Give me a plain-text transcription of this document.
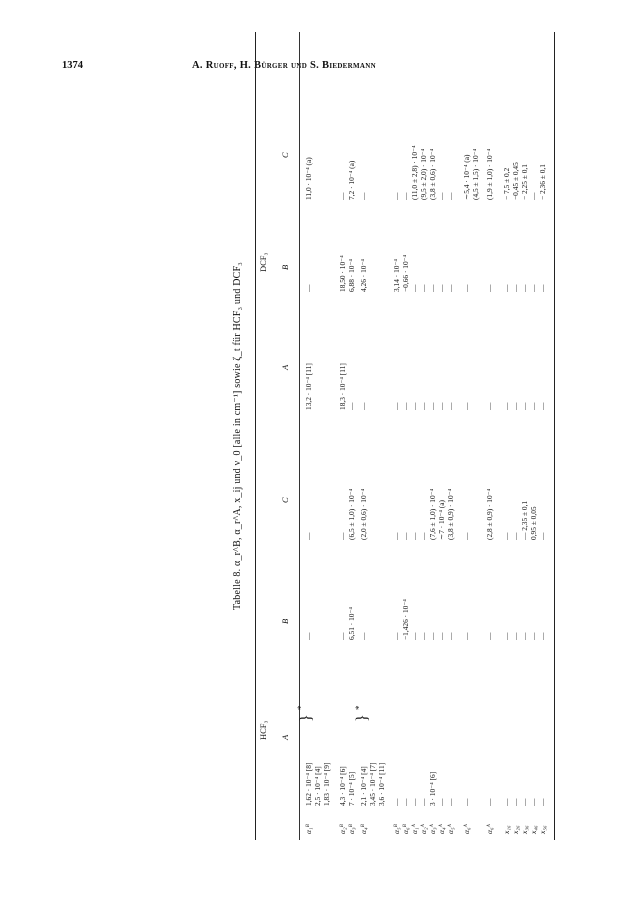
1374	A. Ruoff, H. Bürger und S. Biedermann
Tabelle 8. α_r^B, α_r^A, x_ij und ν_0 [alle in cm⁻¹] sowie ζ_t für HCF₃ und DCF₃
HCF₃
DCF₃
A
B
C
A
B
C
α₁ᴮ
1,62 · 10⁻⁴ [8]
—
—
13,2 · 10⁻⁴ [11]
—
11,0 · 10⁻⁴ (a)
2,5 · 10⁻⁴ [4] 1,83 · 10⁻⁴ [9]
α₂ᴮ
4,3 · 10⁻⁴ [6]
—
—
18,3 · 10⁻⁴ [11]
18,50 · 10⁻⁴
—
α₃ᴮ
7 · 10⁻⁴ [5]
6,51 · 10⁻⁴
(6,5 ± 1,0) · 10⁻⁴
—
6,88 · 10⁻⁴
7,2 · 10⁻⁴ (a)
α₄ᴮ
2,1 · 10⁻⁴ [4]
—
(2,0 ± 0,6) · 10⁻⁴
—
4,26 · 10⁻⁴
—
3,45 · 10⁻⁴ [7] 3,6 · 10⁻⁴ [11]
α₅ᴮ
—
—
—
—
3,14 · 10⁻⁴
—
α₆ᴮ
—
−1,426 · 10⁻⁴
—
—
−0,66 · 10⁻⁴
—
α₁ᴬ
—
—
—
—
—
(11,0 ± 2,8) · 10⁻⁴
α₂ᴬ
—
—
—
—
—
(9,5 ± 2,0) · 10⁻⁴
α₃ᴬ
3 · 10⁻⁴ [6]
—
(7,6 ± 1,0) · 10⁻⁴
—
—
(3,8 ± 0,6) · 10⁻⁴
α₄ᴬ
—
—
∼7 · 10⁻⁴ (a)
—
—
—
α₅ᴬ
—
—
(3,8 ± 0,9) · 10⁻⁴
—
—
—
α₆ᴬ
—
—
—
—
—
∼5,4 · 10⁻⁴ (a) (4,5 ± 1,5) · 10⁻⁴
α₆ᴬ
—
—
(2,8 ± 0,9) · 10⁻⁴
—
—
(1,9 ± 1,0) · 10⁻⁴
x₁₆
—
—
—
—
—
− 7,5 ± 0,2
x₂₆
—
—
—
—
—
−0,45 ± 0,45
x₃₆
—
—
— 2,35 ± 0,1
—
—
− 2,25 ± 0,1
x₄₆
—
—
0,95 ± 0,05
—
—
—
x₅₆
—
—
—
—
—
− 2,36 ± 0,1
}
*
}
*
